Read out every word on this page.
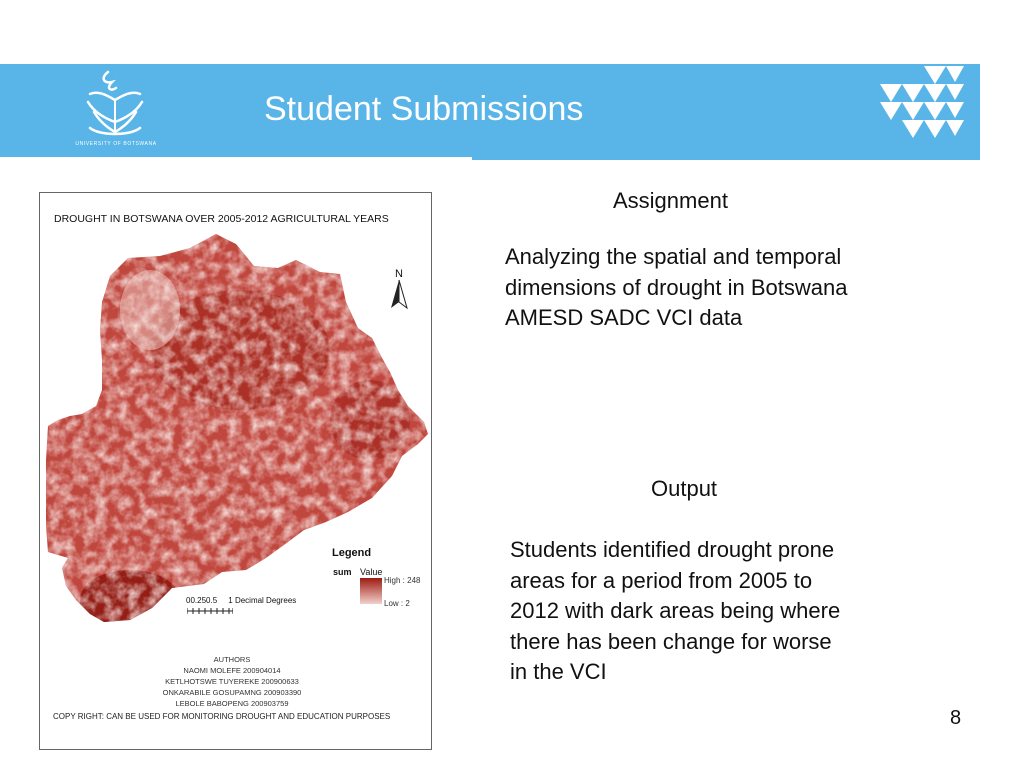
UNIVERSITY OF BOTSWANA
Student Submissions
DROUGHT IN BOTSWANA OVER 2005-2012 AGRICULTURAL YEARS
N
Legend
sum Value
High : 248
Low : 2
00.250.5 1 Decimal Degrees
AUTHORS
NAOMI MOLEFE 200904014
KETLHOTSWE TUYEREKE 200900633
ONKARABILE GOSUPAMNG 200903390
LEBOLE BABOPENG 200903759
COPY RIGHT: CAN BE USED FOR MONITORING DROUGHT AND EDUCATION PURPOSES
Assignment
Analyzing the spatial and temporal
dimensions of drought in Botswana
AMESD SADC VCI data
Output
Students identified drought prone
areas for a period from 2005 to
2012 with dark areas being where
there has been change for worse
in the VCI
8
